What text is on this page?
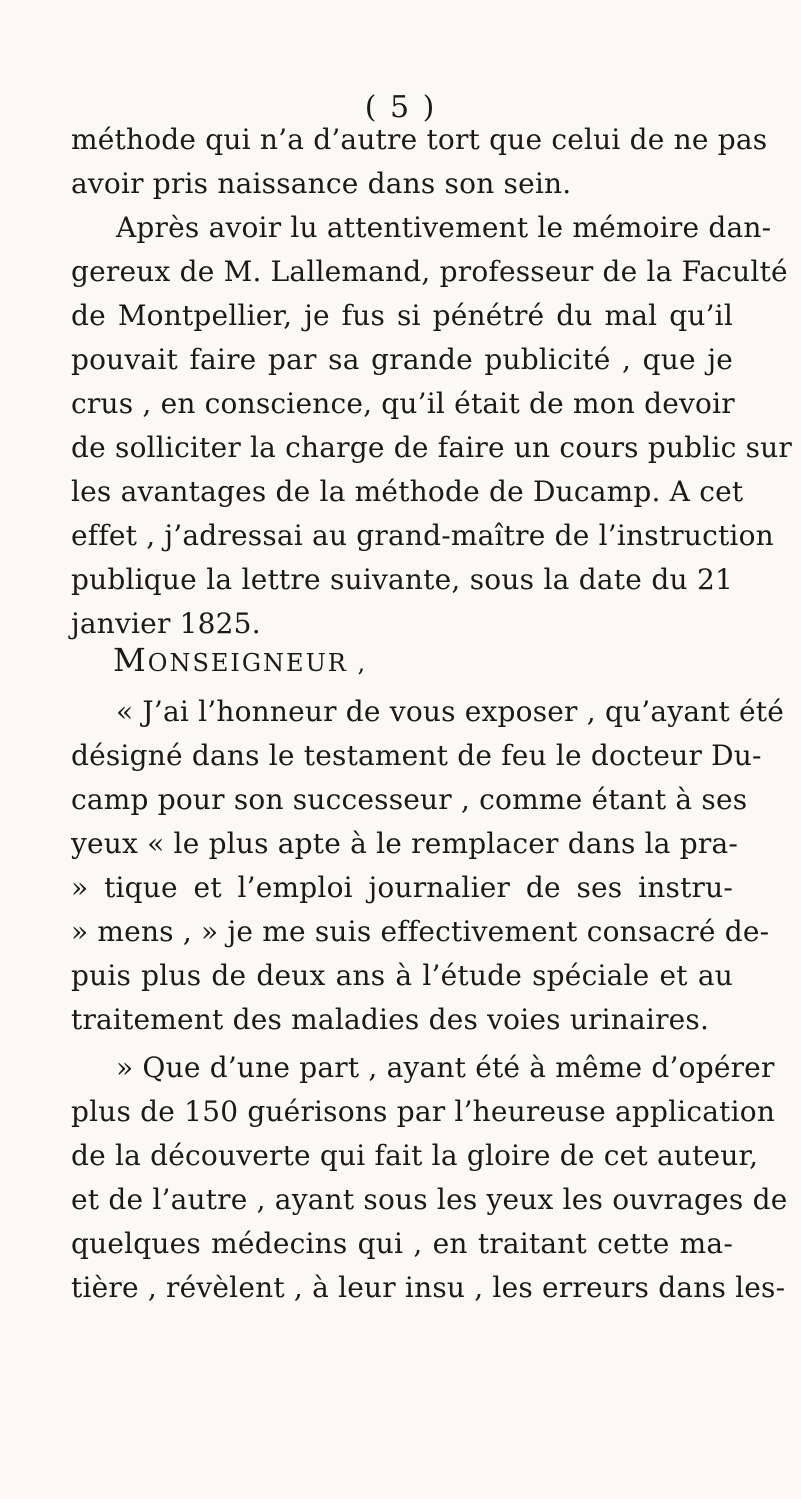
( 5 )
méthode qui n’a d’autre tort que celui de ne pas
avoir pris naissance dans son sein.
Après avoir lu attentivement le mémoire dan-
gereux de M. Lallemand, professeur de la Faculté
de Montpellier, je fus si pénétré du mal qu’il
pouvait faire par sa grande publicité , que je
crus , en conscience, qu’il était de mon devoir
de solliciter la charge de faire un cours public sur
les avantages de la méthode de Ducamp. A cet
effet , j’adressai au grand-maître de l’instruction
publique la lettre suivante, sous la date du 21
janvier 1825.
MONSEIGNEUR ,
« J’ai l’honneur de vous exposer , qu’ayant été
désigné dans le testament de feu le docteur Du-
camp pour son successeur , comme étant à ses
yeux « le plus apte à le remplacer dans la pra-
» tique et l’emploi journalier de ses instru-
» mens , » je me suis effectivement consacré de-
puis plus de deux ans à l’étude spéciale et au
traitement des maladies des voies urinaires.
» Que d’une part , ayant été à même d’opérer
plus de 150 guérisons par l’heureuse application
de la découverte qui fait la gloire de cet auteur,
et de l’autre , ayant sous les yeux les ouvrages de
quelques médecins qui , en traitant cette ma-
tière , révèlent , à leur insu , les erreurs dans les-
